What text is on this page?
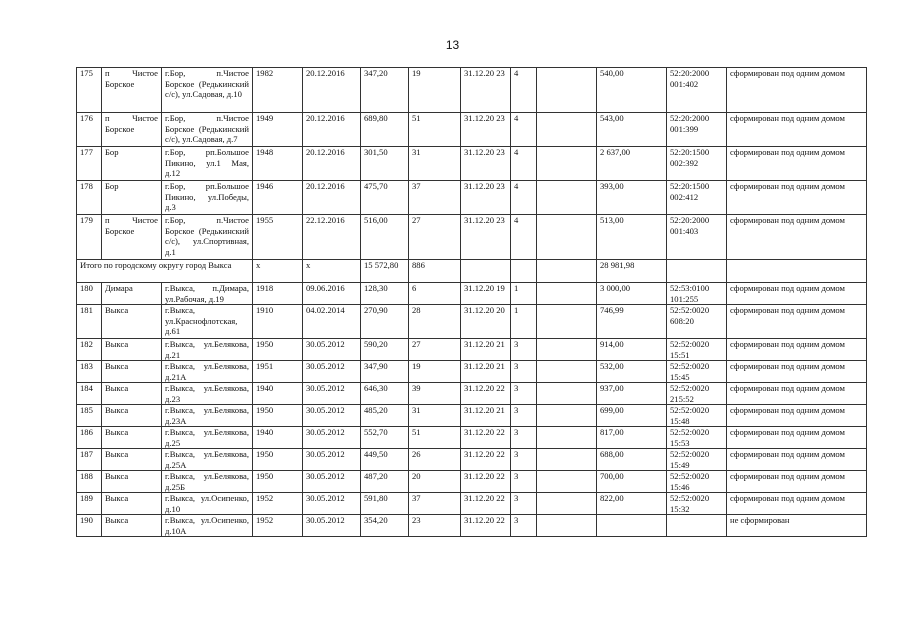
13
175	п Чистое Борское	г.Бор, п.Чистое Борское (Редькинский с/с), ул.Садовая, д.10	1982	20.12.2016	347,20	19	31.12.20 23	4		540,00	52:20:2000 001:402	сформирован под одним домом
176	п Чистое Борское	г.Бор, п.Чистое Борское (Редькинский с/с), ул.Садовая, д.7	1949	20.12.2016	689,80	51	31.12.20 23	4		543,00	52:20:2000 001:399	сформирован под одним домом
177	Бор	г.Бор, рп.Большое Пикино, ул.1 Мая, д.12	1948	20.12.2016	301,50	31	31.12.20 23	4		2 637,00	52:20:1500 002:392	сформирован под одним домом
178	Бор	г.Бор, рп.Большое Пикино, ул.Победы, д.3	1946	20.12.2016	475,70	37	31.12.20 23	4		393,00	52:20:1500 002:412	сформирован под одним домом
179	п Чистое Борское	г.Бор, п.Чистое Борское (Редькинский с/с), ул.Спортивная, д.1	1955	22.12.2016	516,00	27	31.12.20 23	4		513,00	52:20:2000 001:403	сформирован под одним домом
Итого по городскому округу город Выкса			х	х	15 572,80	886				28 981,98		
180	Димара	г.Выкса, п.Димара, ул.Рабочая, д.19	1918	09.06.2016	128,30	6	31.12.20 19	1		3 000,00	52:53:0100 101:255	сформирован под одним домом
181	Выкса	г.Выкса, ул.Краснофлотская, д.61	1910	04.02.2014	270,90	28	31.12.20 20	1		746,99	52:52:0020 608:20	сформирован под одним домом
182	Выкса	г.Выкса, ул.Белякова, д.21	1950	30.05.2012	590,20	27	31.12.20 21	3		914,00	52:52:0020 15:51	сформирован под одним домом
183	Выкса	г.Выкса, ул.Белякова, д.21А	1951	30.05.2012	347,90	19	31.12.20 21	3		532,00	52:52:0020 15:45	сформирован под одним домом
184	Выкса	г.Выкса, ул.Белякова, д.23	1940	30.05.2012	646,30	39	31.12.20 22	3		937,00	52:52:0020 215:52	сформирован под одним домом
185	Выкса	г.Выкса, ул.Белякова, д.23А	1950	30.05.2012	485,20	31	31.12.20 21	3		699,00	52:52:0020 15:48	сформирован под одним домом
186	Выкса	г.Выкса, ул.Белякова, д.25	1940	30.05.2012	552,70	51	31.12.20 22	3		817,00	52:52:0020 15:53	сформирован под одним домом
187	Выкса	г.Выкса, ул.Белякова, д.25А	1950	30.05.2012	449,50	26	31.12.20 22	3		688,00	52:52:0020 15:49	сформирован под одним домом
188	Выкса	г.Выкса, ул.Белякова, д.25Б	1950	30.05.2012	487,20	20	31.12.20 22	3		700,00	52:52:0020 15:46	сформирован под одним домом
189	Выкса	г.Выкса, ул.Осипенко, д.10	1952	30.05.2012	591,80	37	31.12.20 22	3		822,00	52:52:0020 15:32	сформирован под одним домом
190	Выкса	г.Выкса, ул.Осипенко, д.10А	1952	30.05.2012	354,20	23	31.12.20 22	3				не сформирован
